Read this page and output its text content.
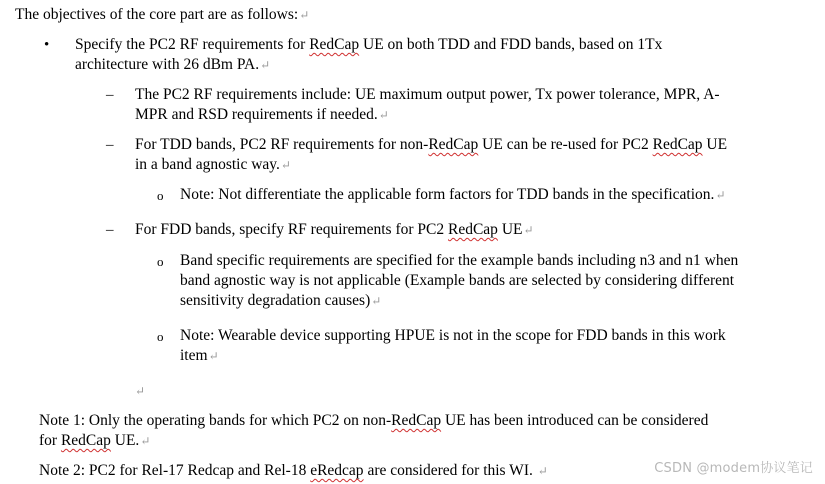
The objectives of the core part are as follows:↵
• Specify the PC2 RF requirements for RedCap UE on both TDD and FDD bands, based on 1Tx
architecture with 26 dBm PA.↵
– The PC2 RF requirements include: UE maximum output power, Tx power tolerance, MPR, A-
MPR and RSD requirements if needed.↵
– For TDD bands, PC2 RF requirements for non-RedCap UE can be re-used for PC2 RedCap UE
in a band agnostic way.↵
o Note: Not differentiate the applicable form factors for TDD bands in the specification.↵
– For FDD bands, specify RF requirements for PC2 RedCap UE↵
o Band specific requirements are specified for the example bands including n3 and n1 when
band agnostic way is not applicable (Example bands are selected by considering different
sensitivity degradation causes)↵
o Note: Wearable device supporting HPUE is not in the scope for FDD bands in this work
item↵
↵
Note 1: Only the operating bands for which PC2 on non-RedCap UE has been introduced can be considered
for RedCap UE.↵
Note 2: PC2 for Rel-17 Redcap and Rel-18 eRedcap are considered for this WI. ↵	CSDN @modem协议笔记
